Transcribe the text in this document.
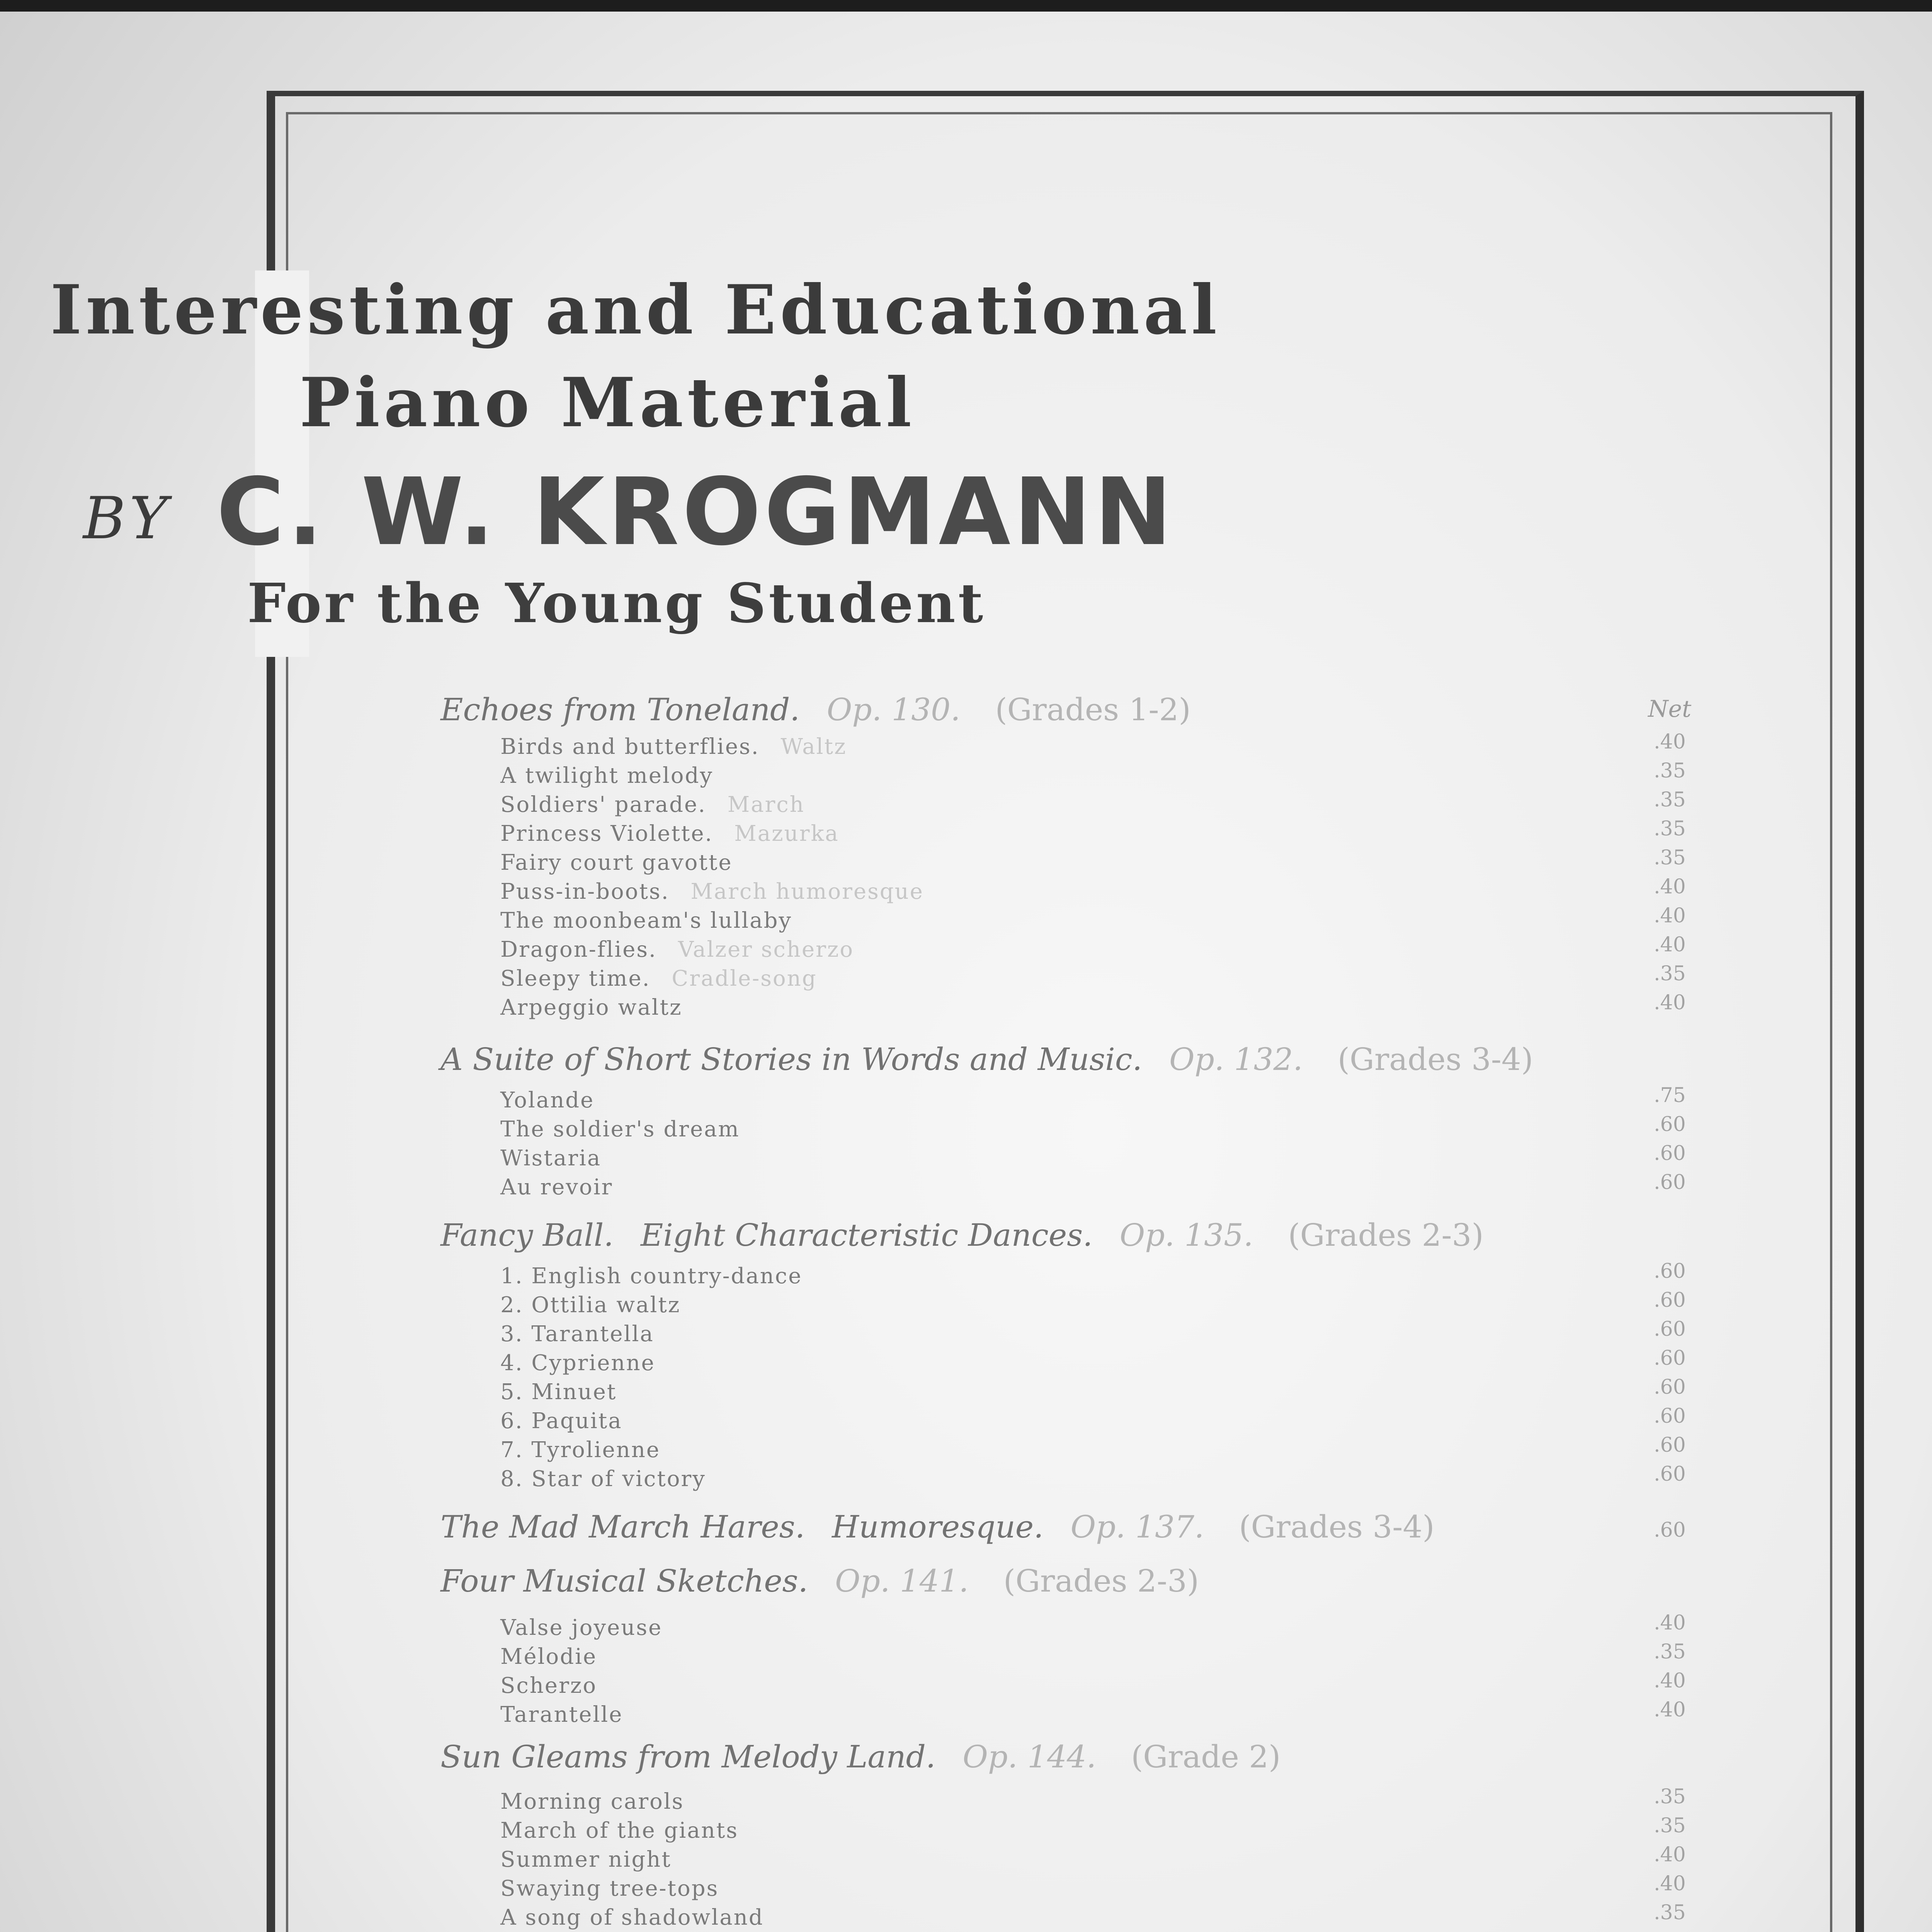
Interesting and Educational
Piano Material
BY C. W. KROGMANN
For the Young Student
Net
Echoes from Toneland. Op. 130. (Grades 1-2)
Birds and butterflies. Waltz	.40
A twilight melody	.35
Soldiers' parade. March	.35
Princess Violette. Mazurka	.35
Fairy court gavotte	.35
Puss-in-boots. March humoresque	.40
The moonbeam's lullaby	.40
Dragon-flies. Valzer scherzo	.40
Sleepy time. Cradle-song	.35
Arpeggio waltz	.40
A Suite of Short Stories in Words and Music. Op. 132. (Grades 3-4)
Yolande	.75
The soldier's dream	.60
Wistaria	.60
Au revoir	.60
Fancy Ball. Eight Characteristic Dances. Op. 135. (Grades 2-3)
1. English country-dance	.60
2. Ottilia waltz	.60
3. Tarantella	.60
4. Cyprienne	.60
5. Minuet	.60
6. Paquita	.60
7. Tyrolienne	.60
8. Star of victory	.60
The Mad March Hares. Humoresque. Op. 137. (Grades 3-4)	.60
Four Musical Sketches. Op. 141. (Grades 2-3)
Valse joyeuse	.40
Mélodie	.35
Scherzo	.40
Tarantelle	.40
Sun Gleams from Melody Land. Op. 144. (Grade 2)
Morning carols	.35
March of the giants	.35
Summer night	.40
Swaying tree-tops	.40
A song of shadowland	.35
